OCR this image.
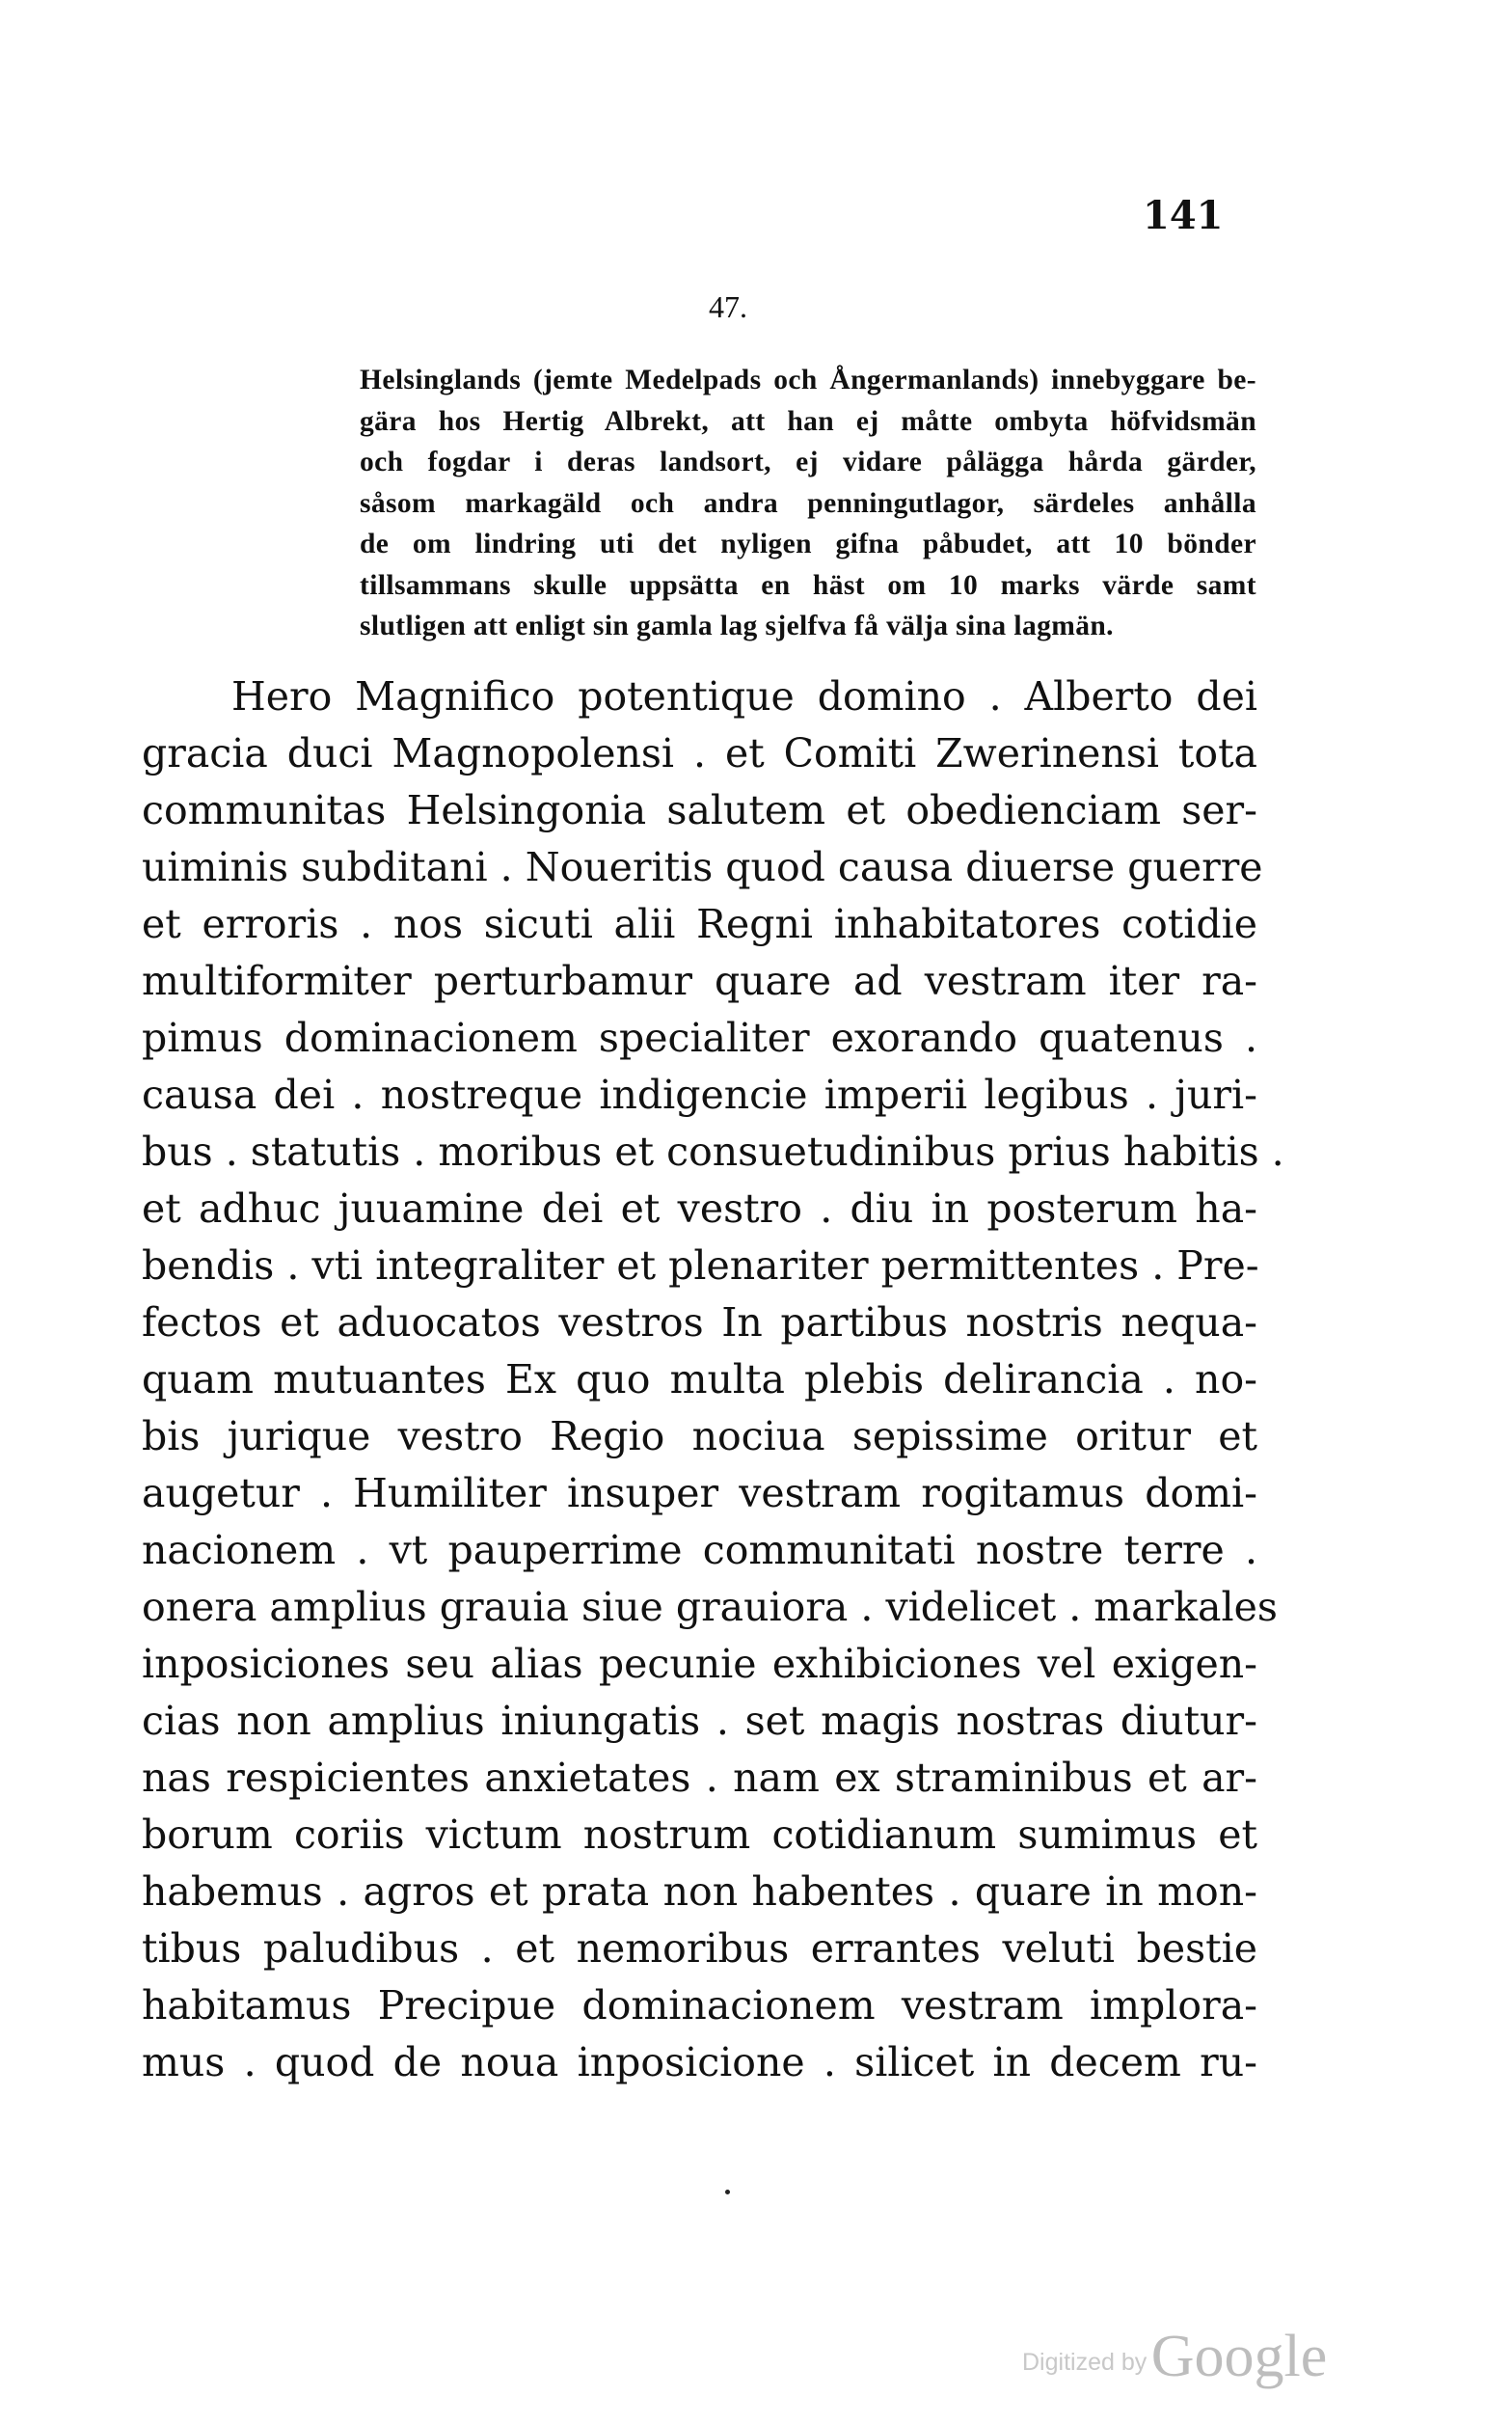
141
47.
Helsinglands (jemte Medelpads och Ångermanlands) innebyggare be-
gära hos Hertig Albrekt, att han ej måtte ombyta höfvidsmän
och fogdar i deras landsort, ej vidare pålägga hårda gärder,
såsom markagäld och andra penningutlagor, särdeles anhålla
de om lindring uti det nyligen gifna påbudet, att 10 bönder
tillsammans skulle uppsätta en häst om 10 marks värde samt
slutligen att enligt sin gamla lag sjelfva få välja sina lagmän.
Hero Magnifico potentique domino . Alberto dei
gracia duci Magnopolensi . et Comiti Zwerinensi tota
communitas Helsingonia salutem et obedienciam ser-
uiminis subditani . Noueritis quod causa diuerse guerre
et erroris . nos sicuti alii Regni inhabitatores cotidie
multiformiter perturbamur quare ad vestram iter ra-
pimus dominacionem specialiter exorando quatenus .
causa dei . nostreque indigencie imperii legibus . juri-
bus . statutis . moribus et consuetudinibus prius habitis .
et adhuc juuamine dei et vestro . diu in posterum ha-
bendis . vti integraliter et plenariter permittentes . Pre-
fectos et aduocatos vestros In partibus nostris nequa-
quam mutuantes Ex quo multa plebis delirancia . no-
bis jurique vestro Regio nociua sepissime oritur et
augetur . Humiliter insuper vestram rogitamus domi-
nacionem . vt pauperrime communitati nostre terre .
onera amplius grauia siue grauiora . videlicet . markales
inposiciones seu alias pecunie exhibiciones vel exigen-
cias non amplius iniungatis . set magis nostras diutur-
nas respicientes anxietates . nam ex straminibus et ar-
borum coriis victum nostrum cotidianum sumimus et
habemus . agros et prata non habentes . quare in mon-
tibus paludibus . et nemoribus errantes veluti bestie
habitamus Precipue dominacionem vestram implora-
mus . quod de noua inposicione . silicet in decem ru-
Digitized by Google
